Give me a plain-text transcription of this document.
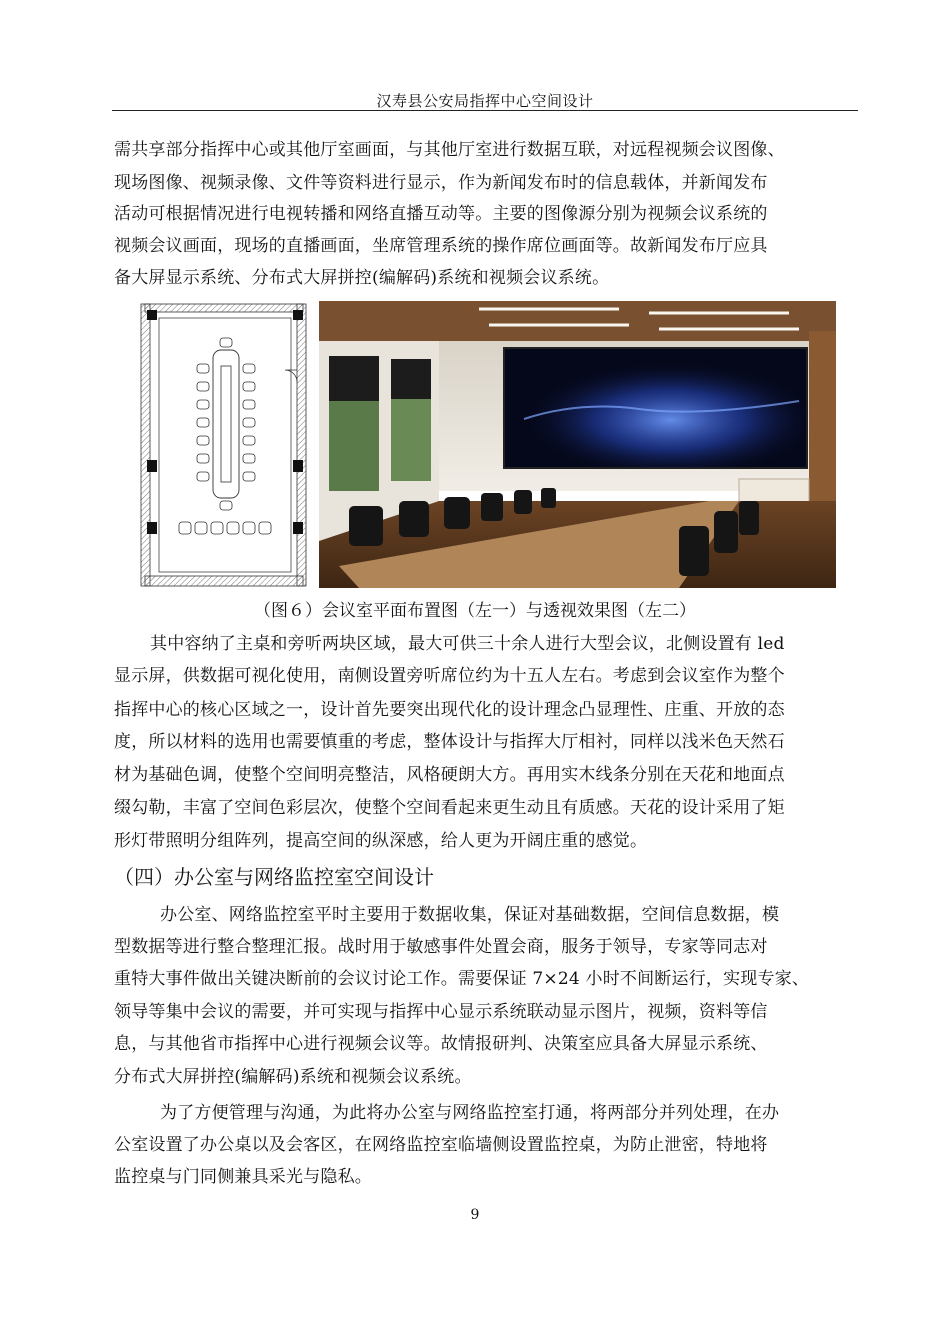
汉寿县公安局指挥中心空间设计
需共享部分指挥中心或其他厅室画面，与其他厅室进行数据互联，对远程视频会议图像、
现场图像、视频录像、文件等资料进行显示，作为新闻发布时的信息载体，并新闻发布
活动可根据情况进行电视转播和网络直播互动等。主要的图像源分别为视频会议系统的
视频会议画面，现场的直播画面，坐席管理系统的操作席位画面等。故新闻发布厅应具
备大屏显示系统、分布式大屏拼控(编解码)系统和视频会议系统。
（图６）会议室平面布置图（左一）与透视效果图（左二）
其中容纳了主桌和旁听两块区域，最大可供三十余人进行大型会议，北侧设置有 led
显示屏，供数据可视化使用，南侧设置旁听席位约为十五人左右。考虑到会议室作为整个
指挥中心的核心区域之一，设计首先要突出现代化的设计理念凸显理性、庄重、开放的态
度，所以材料的选用也需要慎重的考虑，整体设计与指挥大厅相衬，同样以浅米色天然石
材为基础色调，使整个空间明亮整洁，风格硬朗大方。再用实木线条分别在天花和地面点
缀勾勒，丰富了空间色彩层次，使整个空间看起来更生动且有质感。天花的设计采用了矩
形灯带照明分组阵列，提高空间的纵深感，给人更为开阔庄重的感觉。
（四）办公室与网络监控室空间设计
办公室、网络监控室平时主要用于数据收集，保证对基础数据，空间信息数据，模
型数据等进行整合整理汇报。战时用于敏感事件处置会商，服务于领导，专家等同志对
重特大事件做出关键决断前的会议讨论工作。需要保证 7×24 小时不间断运行，实现专家、
领导等集中会议的需要，并可实现与指挥中心显示系统联动显示图片，视频，资料等信
息，与其他省市指挥中心进行视频会议等。故情报研判、决策室应具备大屏显示系统、
分布式大屏拼控(编解码)系统和视频会议系统。
为了方便管理与沟通，为此将办公室与网络监控室打通，将两部分并列处理，在办
公室设置了办公桌以及会客区，在网络监控室临墙侧设置监控桌，为防止泄密，特地将
监控桌与门同侧兼具采光与隐私。
9
